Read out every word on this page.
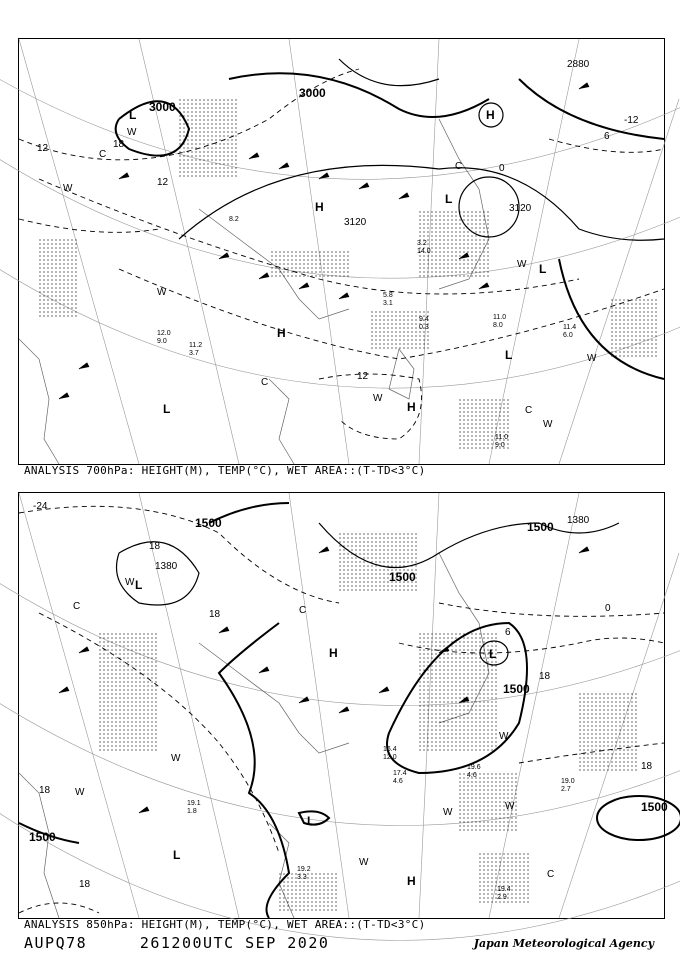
3000
3000
3120
3120
2880
12	18
12
6
-12
12
0
L
H
L
H
H
L
L	H
L
W
C
W
W
C
W
C
W
W
W
C
11.0
8.0	11.4
6.0
9.4
0.3
12.0
9.0
11.2
3.7
3.2
14.0
5.8
3.1
8.2
11.0
9.0
ANALYSIS 700hPa: HEIGHT(M), TEMP(°C), WET AREA::(T-TD<3°C)
1500
1380
1500
1500 1380
1500
1500
1500
-24
18
18
0
18
18
18
18
6
L
H	L
L
L
H
W
C
W
W
W
W
W
C
W
C
19.6
4.6
19.0
2.7
19.1
1.8
17.4
4.6
16.4
12.0
19.4
2.9
19.2
3.3
ANALYSIS 850hPa: HEIGHT(M), TEMP(°C), WET AREA::(T-TD<3°C)
AUPQ78     261200UTC SEP 2020	Japan Meteorological Agency
